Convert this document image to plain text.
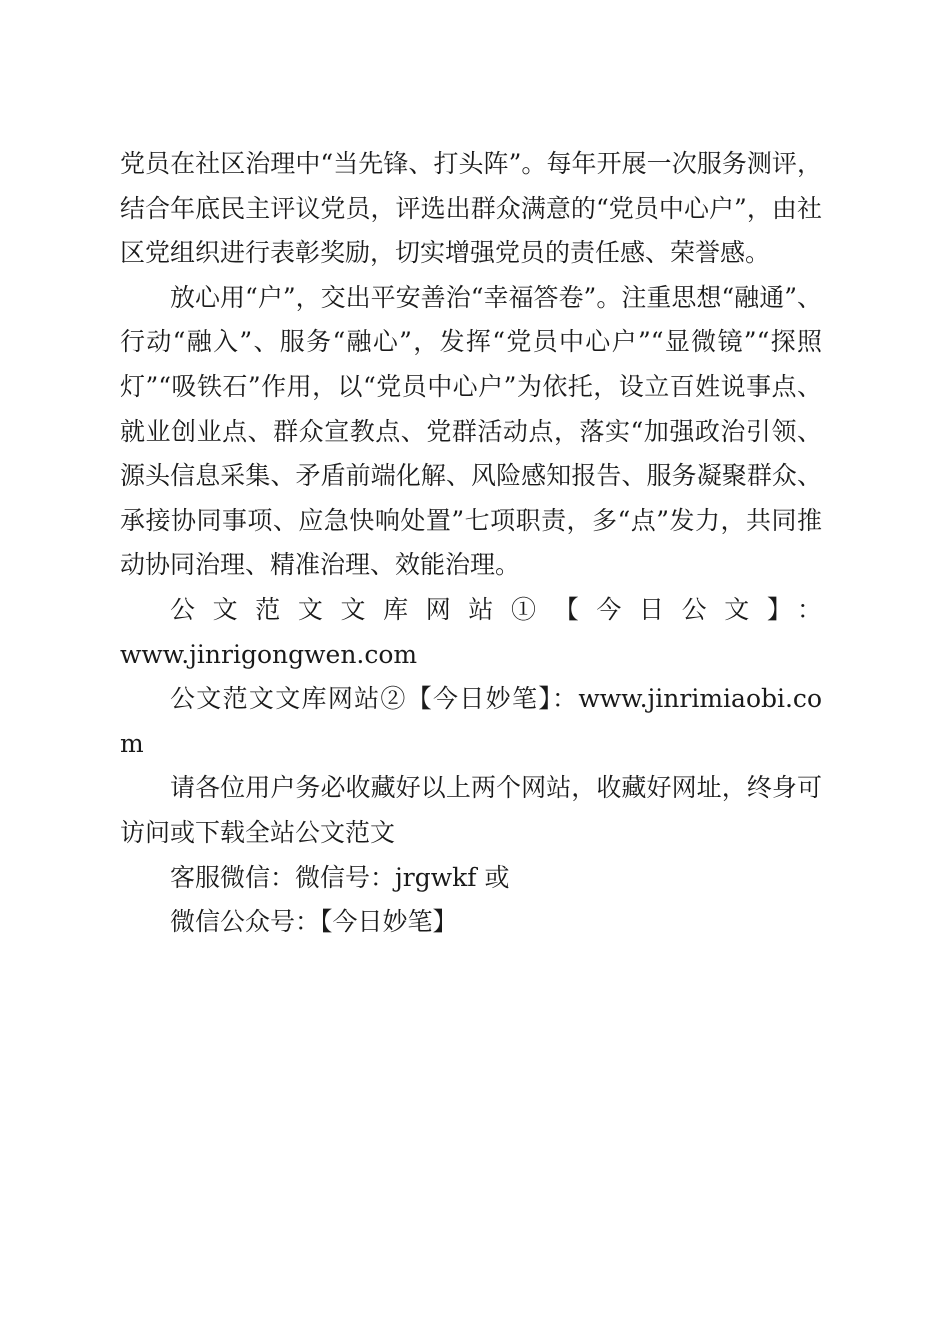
党员在社区治理中“当先锋、打头阵”。每年开展一次服务测评，结合年底民主评议党员，评选出群众满意的“党员中心户”，由社区党组织进行表彰奖励，切实增强党员的责任感、荣誉感。

放心用“户”，交出平安善治“幸福答卷”。注重思想“融通”、行动“融入”、服务“融心”，发挥“党员中心户”“显微镜”“探照灯”“吸铁石”作用，以“党员中心户”为依托，设立百姓说事点、就业创业点、群众宣教点、党群活动点，落实“加强政治引领、源头信息采集、矛盾前端化解、风险感知报告、服务凝聚群众、承接协同事项、应急快响处置”七项职责，多“点”发力，共同推动协同治理、精准治理、效能治理。

公文范文文库网站①【今日公文】：

www.jinrigongwen.com

公文范文文库网站②【今日妙笔】：www.jinrimiaobi.com

请各位用户务必收藏好以上两个网站，收藏好网址，终身可访问或下载全站公文范文

客服微信：微信号：jrgwkf 或

微信公众号：【今日妙笔】
